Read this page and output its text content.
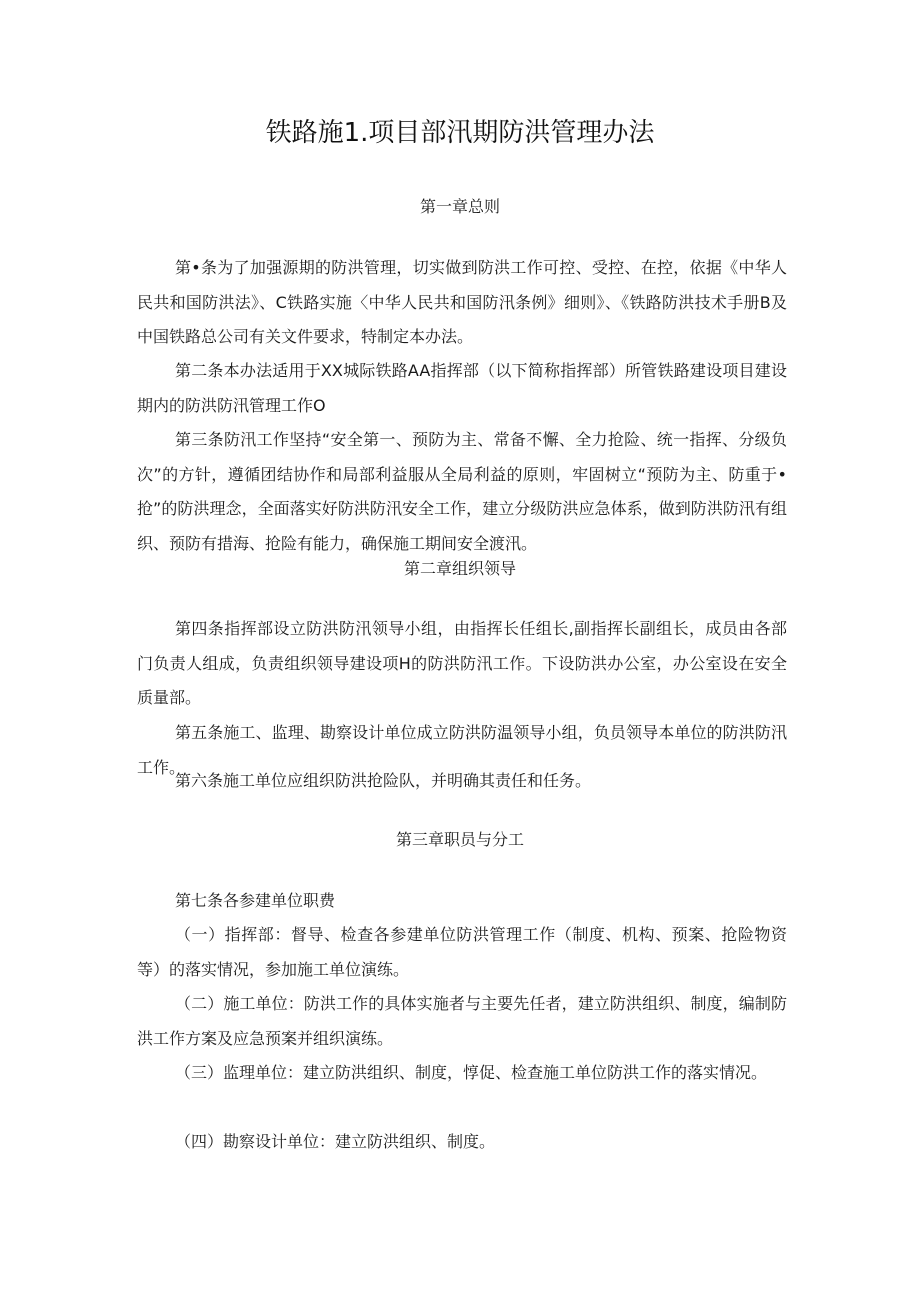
铁路施1.项目部汛期防洪管理办法
第一章总则
第•条为了加强源期的防洪管理，切实做到防洪工作可控、受控、在控，依据《中华人民共和国防洪法》、C铁路实施〈中华人民共和国防汛条例》细则》、《铁路防洪技术手册B及中国铁路总公司有关文件要求，特制定本办法。
第二条本办法适用于XX城际铁路AA指挥部（以下简称指挥部）所管铁路建设项目建设期内的防洪防汛管理工作O
第三条防汛工作坚持“安全第一、预防为主、常备不懈、全力抢险、统一指挥、分级负次”的方针，遵循团结协作和局部利益服从全局利益的原则，牢固树立“预防为主、防重于•抢”的防洪理念，全面落实好防洪防汛安全工作，建立分级防洪应急体系，做到防洪防汛有组织、预防有措海、抢险有能力，确保施工期间安全渡汛。
第二章组织领导
第四条指挥部设立防洪防汛领导小组，由指挥长任组长,副指挥长副组长，成员由各部门负责人组成，负责组织领导建设项H的防洪防汛工作。下设防洪办公室，办公室设在安全质量部。
第五条施工、监理、勘察设计单位成立防洪防温领导小组，负员领导本单位的防洪防汛工作。
第六条施工单位应组织防洪抢险队，并明确其责任和任务。
第三章职员与分工
第七条各参建单位职费
（一）指挥部：督导、检查各参建单位防洪管理工作（制度、机构、预案、抢险物资等）的落实情况，参加施工单位演练。
（二）施工单位：防洪工作的具体实施者与主要先任者，建立防洪组织、制度，编制防洪工作方案及应急预案并组织演练。
（三）监理单位：建立防洪组织、制度，惇促、检查施工单位防洪工作的落实情况。
（四）勘察设计单位：建立防洪组织、制度。
